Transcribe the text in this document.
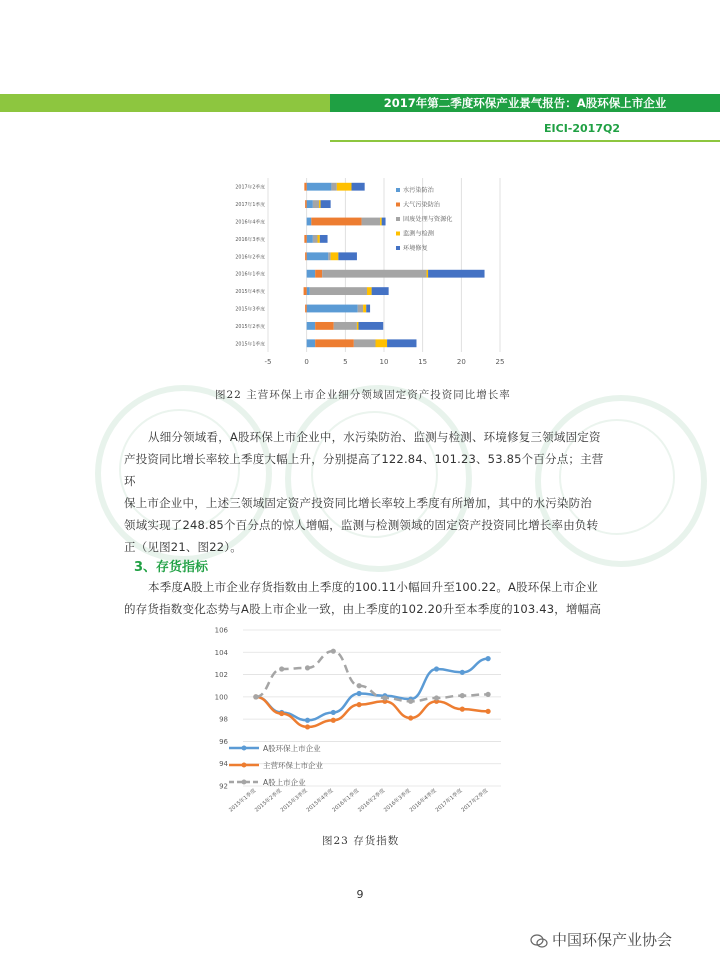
2017年第二季度环保产业景气报告：A股环保上市企业
EICI-2017Q2
-5	0	5	10	15	20	25
2017年2季度
2017年1季度
2016年4季度
2016年3季度
2016年2季度
2016年1季度
2015年4季度
2015年3季度
2015年2季度
2015年1季度
水污染防治
大气污染防治
固废处理与资源化
监测与检测
环境修复
图22 主营环保上市企业细分领域固定资产投资同比增长率
从细分领域看，A股环保上市企业中，水污染防治、监测与检测、环境修复三领域固定资
产投资同比增长率较上季度大幅上升，分别提高了122.84、101.23、53.85个百分点；主营环
保上市企业中，上述三领域固定资产投资同比增长率较上季度有所增加，其中的水污染防治
领域实现了248.85个百分点的惊人增幅，监测与检测领域的固定资产投资同比增长率由负转
正（见图21、图22）。
3、存货指标
本季度A股上市企业存货指数由上季度的100.11小幅回升至100.22。A股环保上市企业
的存货指数变化态势与A股上市企业一致，由上季度的102.20升至本季度的103.43，增幅高
92
94
96
98
100
102
104
106
2015年1季度
2015年2季度
2015年3季度
2015年4季度
2016年1季度
2016年2季度
2016年3季度
2016年4季度
2017年1季度
2017年2季度
A股环保上市企业
主营环保上市企业
A股上市企业
图23 存货指数
9
中国环保产业协会
